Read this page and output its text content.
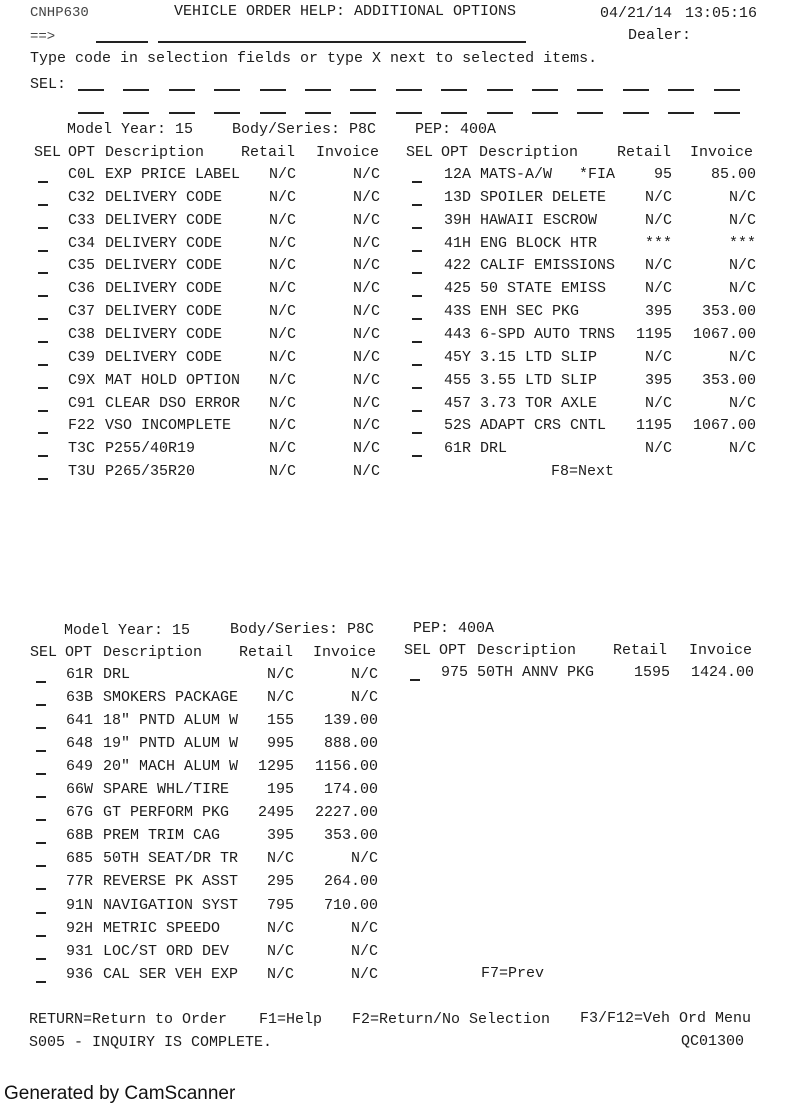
CNHP630	VEHICLE ORDER HELP: ADDITIONAL OPTIONS	04/21/14 13:05:16
==>	Dealer:
Type code in selection fields or type X next to selected items.
SEL:
Model Year: 15	Body/Series: P8C	PEP: 400A
SEL OPT Description Retail Invoice SEL OPT Description	Retail Invoice
C0L EXP PRICE LABEL N/C	N/C
C32 DELIVERY CODE	N/C	N/C
C33 DELIVERY CODE	N/C	N/C
C34 DELIVERY CODE	N/C	N/C
C35 DELIVERY CODE	N/C	N/C
C36 DELIVERY CODE	N/C	N/C
C37 DELIVERY CODE	N/C	N/C
C38 DELIVERY CODE	N/C	N/C
C39 DELIVERY CODE	N/C	N/C
C9X MAT HOLD OPTION N/C	N/C
C91 CLEAR DSO ERROR N/C	N/C
F22 VSO INCOMPLETE	N/C	N/C
T3C P255/40R19	N/C	N/C
T3U P265/35R20	N/C	N/C
12A MATS-A/W   *FIA	95	85.00
13D SPOILER DELETE	N/C	N/C
39H HAWAII ESCROW	N/C	N/C
41H ENG BLOCK HTR	***	***
422 CALIF EMISSIONS N/C	N/C
425 50 STATE EMISS	N/C	N/C
43S ENH SEC PKG	395 353.00
443 6-SPD AUTO TRNS 1195 1067.00
45Y 3.15 LTD SLIP	N/C	N/C
455 3.55 LTD SLIP	395 353.00
457 3.73 TOR AXLE	N/C	N/C
52S ADAPT CRS CNTL 1195 1067.00
61R DRL	N/C	N/C
F8=Next
Model Year: 15	Body/Series: P8C	PEP: 400A
SEL OPT Description Retail Invoice SEL OPT Description Retail Invoice
61R DRL	N/C	N/C
63B SMOKERS PACKAGE N/C	N/C
641 18" PNTD ALUM W 155 139.00
648 19" PNTD ALUM W 995 888.00
649 20" MACH ALUM W 1295 1156.00
66W SPARE WHL/TIRE	195 174.00
67G GT PERFORM PKG 2495 2227.00
68B PREM TRIM CAG	395 353.00
685 50TH SEAT/DR TR N/C	N/C
77R REVERSE PK ASST 295 264.00
91N NAVIGATION SYST 795 710.00
92H METRIC SPEEDO	N/C	N/C
931 LOC/ST ORD DEV	N/C	N/C
936 CAL SER VEH EXP N/C	N/C
975 50TH ANNV PKG	1595 1424.00
F7=Prev
RETURN=Return to Order F1=Help F2=Return/No Selection F3/F12=Veh Ord Menu
S005 - INQUIRY IS COMPLETE.	QC01300
Generated by CamScanner
